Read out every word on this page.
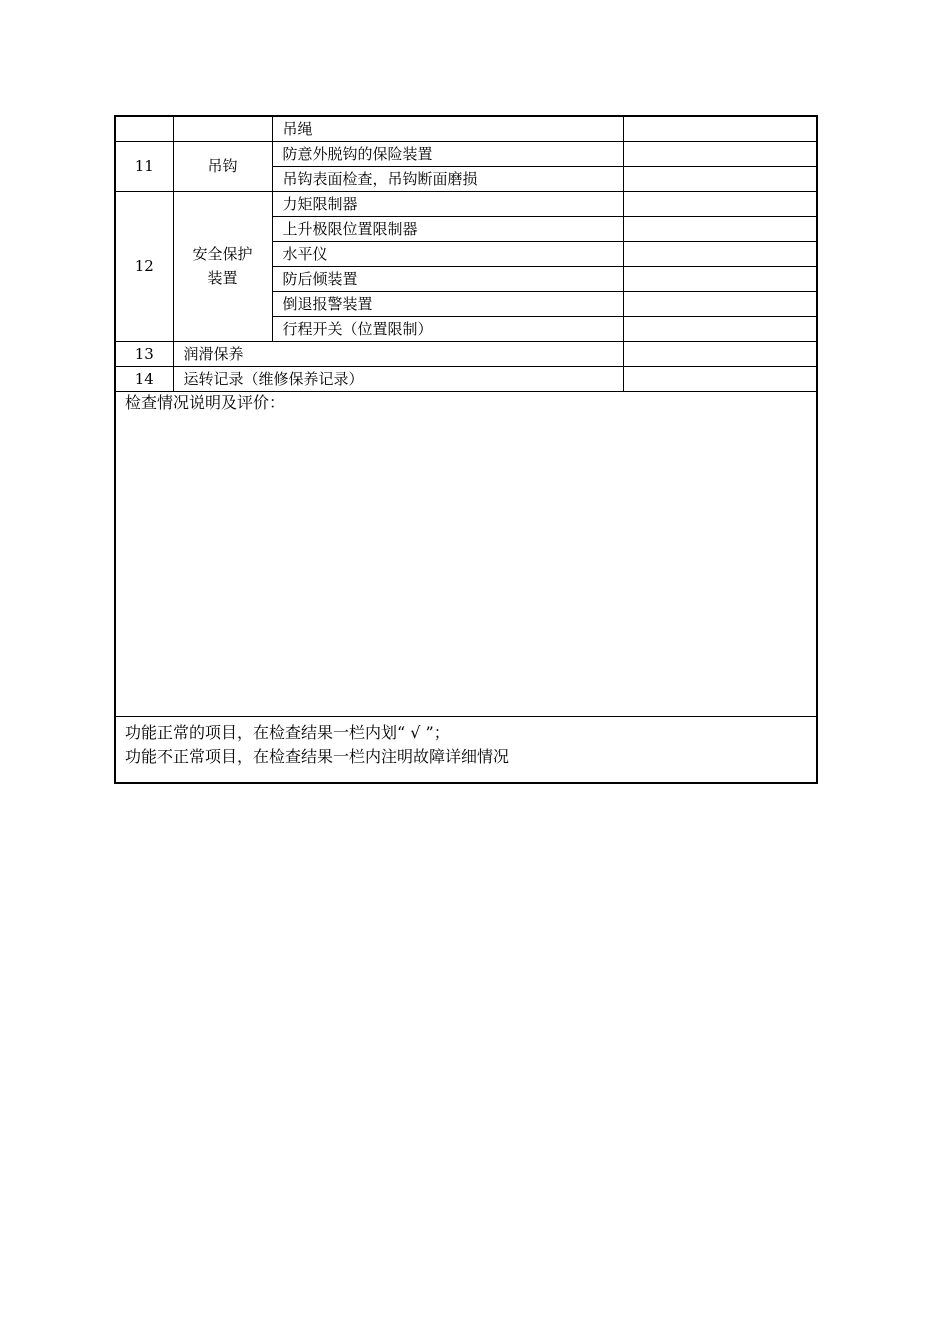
		吊绳	
11	吊钩	防意外脱钩的保险装置	
		吊钩表面检查，吊钩断面磨损	
12	安全保护装置	力矩限制器	
		上升极限位置限制器	
		水平仪	
		防后倾装置	
		倒退报警装置	
		行程开关（位置限制）	
13	润滑保养		
14	运转记录（维修保养记录）		
检查情况说明及评价：			

功能正常的项目，在检查结果一栏内划“ √ ”；
功能不正常项目，在检查结果一栏内注明故障详细情况			
